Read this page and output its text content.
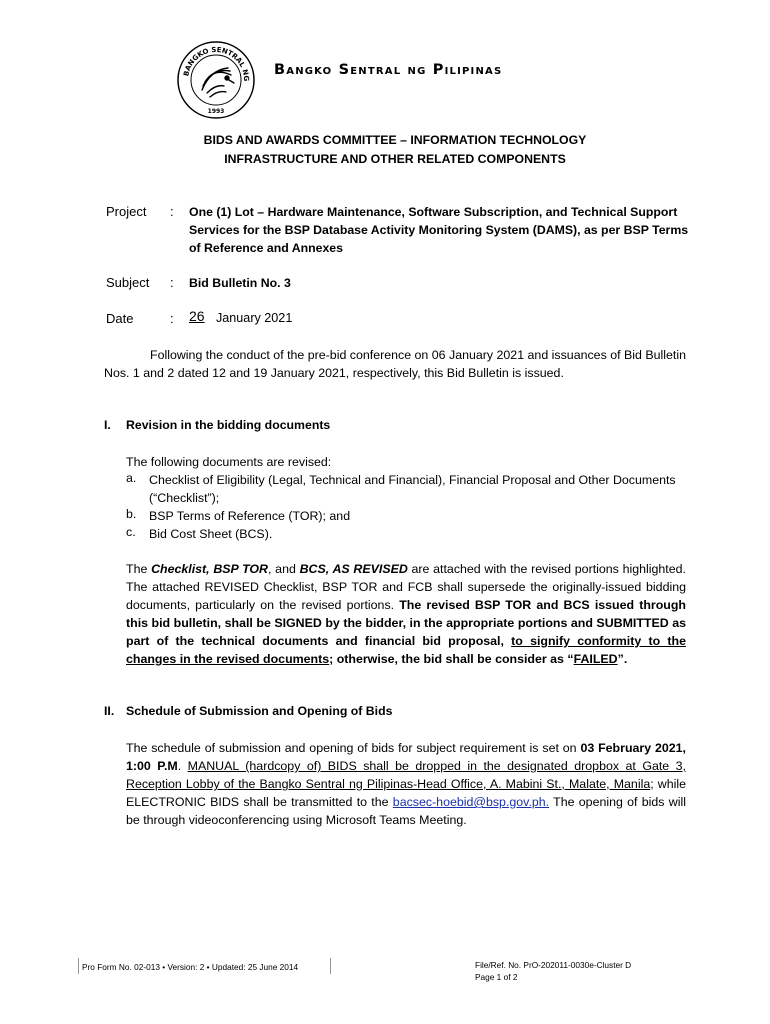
BANGKO SENTRAL NG
1993
Bangko Sentral ng Pilipinas
BIDS AND AWARDS COMMITTEE – INFORMATION TECHNOLOGY
INFRASTRUCTURE AND OTHER RELATED COMPONENTS
Project : One (1) Lot – Hardware Maintenance, Software Subscription, and Technical Support Services for the BSP Database Activity Monitoring System (DAMS), as per BSP Terms of Reference and Annexes
Subject : Bid Bulletin No. 3
Date	: 26 January 2021
Following the conduct of the pre-bid conference on 06 January 2021 and issuances of Bid Bulletin Nos. 1 and 2 dated 12 and 19 January 2021, respectively, this Bid Bulletin is issued.
I. Revision in the bidding documents
The following documents are revised:
a. Checklist of Eligibility (Legal, Technical and Financial), Financial Proposal and Other Documents (“Checklist”);
b. BSP Terms of Reference (TOR); and
c. Bid Cost Sheet (BCS).
The Checklist, BSP TOR, and BCS, AS REVISED are attached with the revised portions highlighted. The attached REVISED Checklist, BSP TOR and FCB shall supersede the originally-issued bidding documents, particularly on the revised portions. The revised BSP TOR and BCS issued through this bid bulletin, shall be SIGNED by the bidder, in the appropriate portions and SUBMITTED as part of the technical documents and financial bid proposal, to signify conformity to the changes in the revised documents; otherwise, the bid shall be consider as “FAILED”.
II. Schedule of Submission and Opening of Bids
The schedule of submission and opening of bids for subject requirement is set on 03 February 2021, 1:00 P.M. MANUAL (hardcopy of) BIDS shall be dropped in the designated dropbox at Gate 3, Reception Lobby of the Bangko Sentral ng Pilipinas-Head Office, A. Mabini St., Malate, Manila; while ELECTRONIC BIDS shall be transmitted to the bacsec-hoebid@bsp.gov.ph. The opening of bids will be through videoconferencing using Microsoft Teams Meeting.
Pro Form No. 02-013 • Version: 2 • Updated: 25 June 2014	File/Ref. No. PrO-202011-0030e-Cluster D
Page 1 of 2
